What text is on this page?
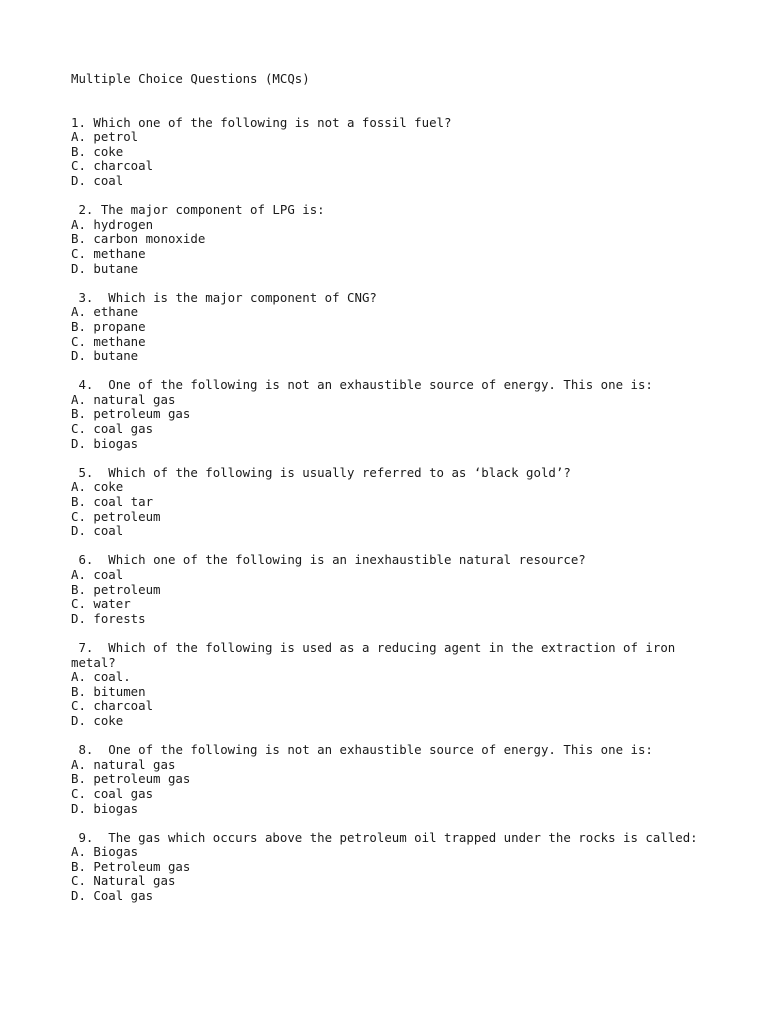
Multiple Choice Questions (MCQs)
1. Which one of the following is not a fossil fuel?
A. petrol
B. coke
C. charcoal
D. coal
2. The major component of LPG is:
A. hydrogen
B. carbon monoxide
C. methane
D. butane
3.  Which is the major component of CNG?
A. ethane
B. propane
C. methane
D. butane
4.  One of the following is not an exhaustible source of energy. This one is:
A. natural gas
B. petroleum gas
C. coal gas
D. biogas
5.  Which of the following is usually referred to as ‘black gold’?
A. coke
B. coal tar
C. petroleum
D. coal
6.  Which one of the following is an inexhaustible natural resource?
A. coal
B. petroleum
C. water
D. forests
7.  Which of the following is used as a reducing agent in the extraction of iron metal?
A. coal.
B. bitumen
C. charcoal
D. coke
8.  One of the following is not an exhaustible source of energy. This one is:
A. natural gas
B. petroleum gas
C. coal gas
D. biogas
9.  The gas which occurs above the petroleum oil trapped under the rocks is called:
A. Biogas
B. Petroleum gas
C. Natural gas
D. Coal gas
